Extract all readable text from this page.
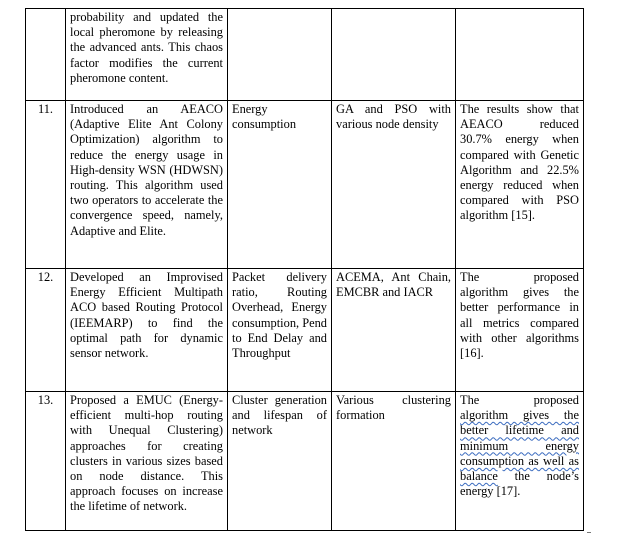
	probability and updated the local pheromone by releasing the advanced ants. This chaos factor modifies the current pheromone content.			
11.	Introduced an AEACO (Adaptive Elite Ant Colony Optimization) algorithm to reduce the energy usage in High-density WSN (HDWSN) routing. This algorithm used two operators to accelerate the convergence speed, namely, Adaptive and Elite.	Energy consumption	GA and PSO with various node density	The results show that AEACO reduced 30.7% energy when compared with Genetic Algorithm and 22.5% energy reduced when compared with PSO algorithm [15].
12.	Developed an Improvised Energy Efficient Multipath ACO based Routing Protocol (IEEMARP) to find the optimal path for dynamic sensor network.	Packet delivery ratio, Routing Overhead, Energy consumption, Pend to End Delay and Throughput	ACEMA, Ant Chain, EMCBR and IACR	The proposed algorithm gives the better performance in all metrics compared with other algorithms [16].
13.	Proposed a EMUC (Energy-efficient multi-hop routing with Unequal Clustering) approaches for creating clusters in various sizes based on node distance. This approach focuses on increase the lifetime of network.	Cluster generation and lifespan of network	Various clustering formation	The proposed algorithm gives the better lifetime and minimum energy consumption as well as balance the node’s energy [17].
